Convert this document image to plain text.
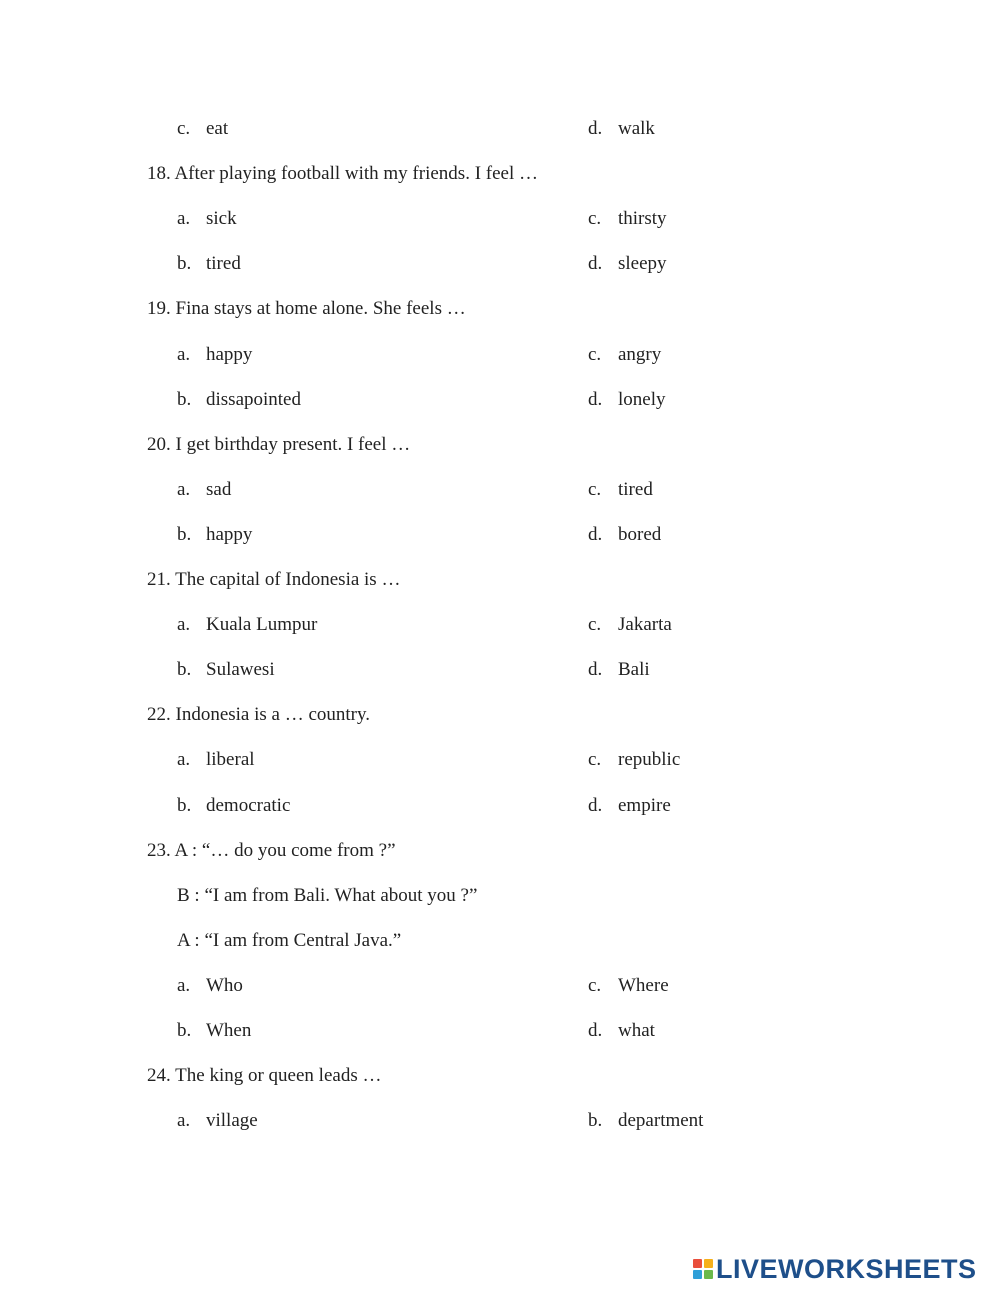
c. eat	d. walk
18. After playing football with my friends. I feel …
a. sick	c. thirsty
b. tired	d. sleepy
19. Fina stays at home alone. She feels …
a. happy	c. angry
b. dissapointed	d. lonely
20. I get birthday present. I feel …
a. sad	c. tired
b. happy	d. bored
21. The capital of Indonesia is …
a. Kuala Lumpur	c. Jakarta
b. Sulawesi	d. Bali
22. Indonesia is a … country.
a. liberal	c. republic
b. democratic	d. empire
23. A : “… do you come from ?”
B : “I am from Bali. What about you ?”
A : “I am from Central Java.”
a. Who	c. Where
b. When	d. what
24. The king or queen leads …
a. village	b. department
LIVEWORKSHEETS
